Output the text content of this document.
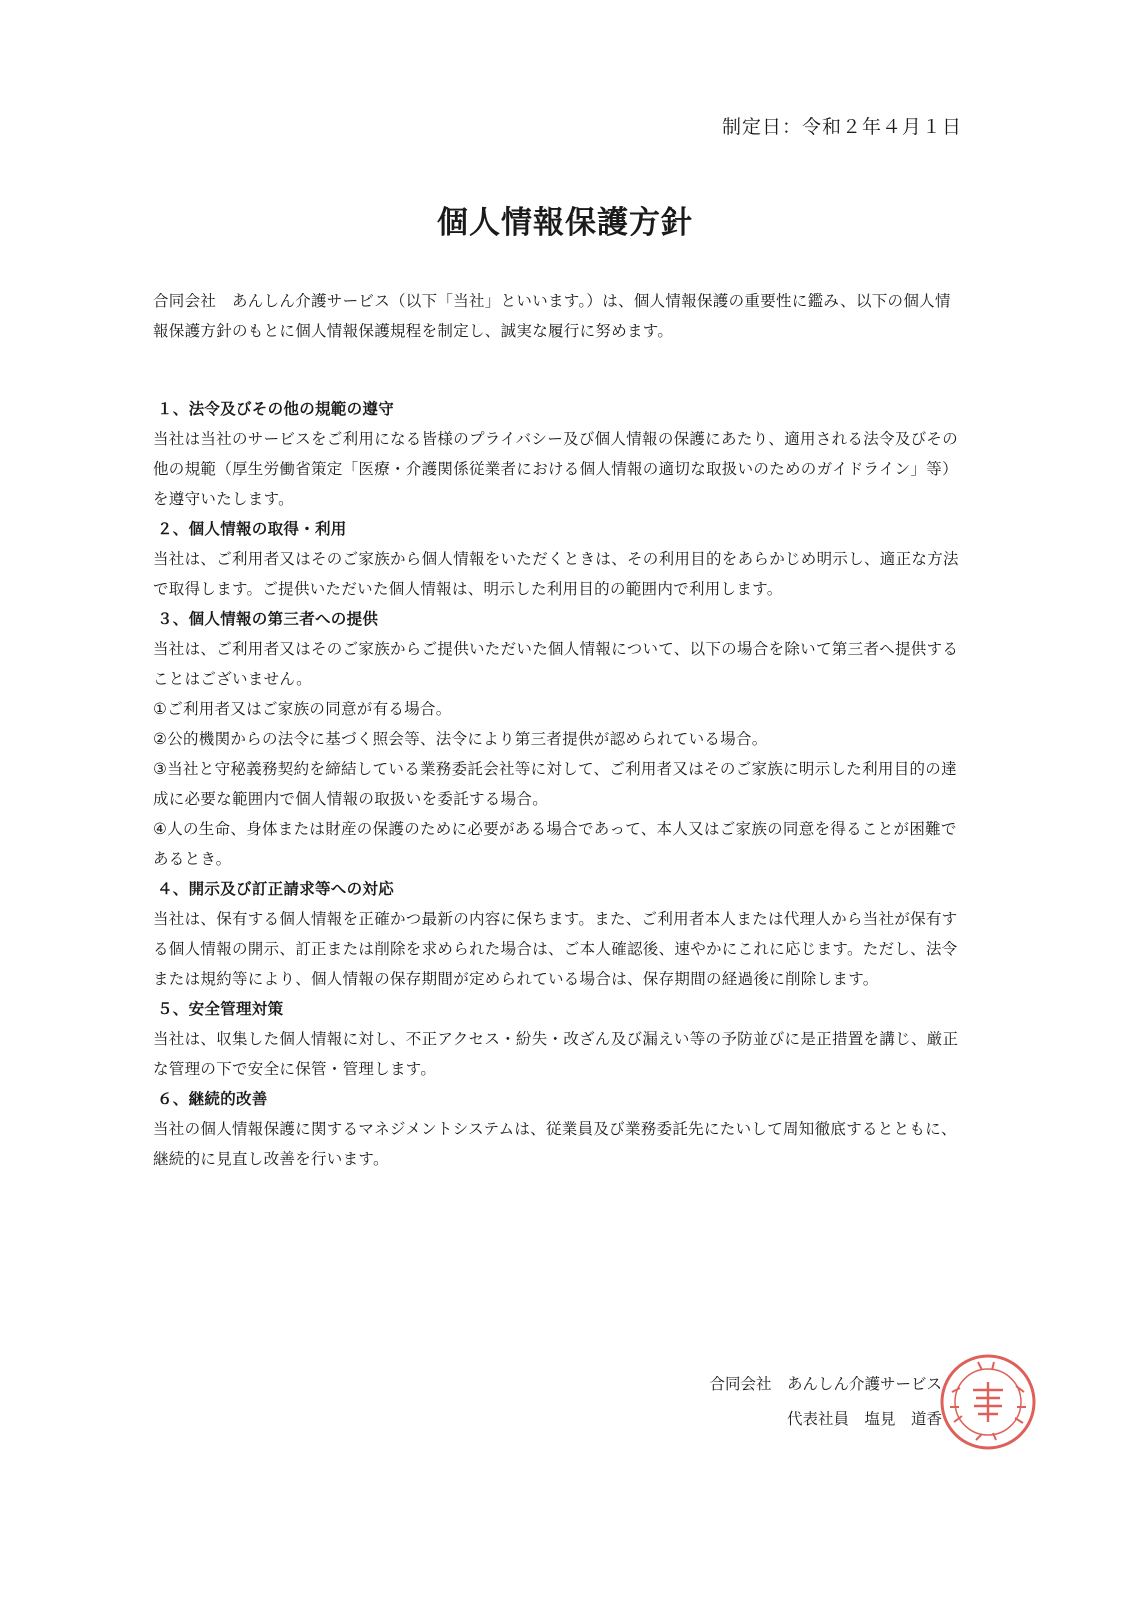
制定日：令和２年４月１日
個人情報保護方針

合同会社　あんしん介護サービス（以下「当社」といいます。）は、個人情報保護の重要性に鑑み、以下の個人情報保護方針のもとに個人情報保護規程を制定し、誠実な履行に努めます。

１、法令及びその他の規範の遵守

当社は当社のサービスをご利用になる皆様のプライバシー及び個人情報の保護にあたり、適用される法令及びその他の規範（厚生労働省策定「医療・介護関係従業者における個人情報の適切な取扱いのためのガイドライン」等）を遵守いたします。

２、個人情報の取得・利用

当社は、ご利用者又はそのご家族から個人情報をいただくときは、その利用目的をあらかじめ明示し、適正な方法で取得します。ご提供いただいた個人情報は、明示した利用目的の範囲内で利用します。

３、個人情報の第三者への提供

当社は、ご利用者又はそのご家族からご提供いただいた個人情報について、以下の場合を除いて第三者へ提供することはございません。

①ご利用者又はご家族の同意が有る場合。

②公的機関からの法令に基づく照会等、法令により第三者提供が認められている場合。

③当社と守秘義務契約を締結している業務委託会社等に対して、ご利用者又はそのご家族に明示した利用目的の達成に必要な範囲内で個人情報の取扱いを委託する場合。

④人の生命、身体または財産の保護のために必要がある場合であって、本人又はご家族の同意を得ることが困難であるとき。

４、開示及び訂正請求等への対応

当社は、保有する個人情報を正確かつ最新の内容に保ちます。また、ご利用者本人または代理人から当社が保有する個人情報の開示、訂正または削除を求められた場合は、ご本人確認後、速やかにこれに応じます。ただし、法令または規約等により、個人情報の保存期間が定められている場合は、保存期間の経過後に削除します。

５、安全管理対策

当社は、収集した個人情報に対し、不正アクセス・紛失・改ざん及び漏えい等の予防並びに是正措置を講じ、厳正な管理の下で安全に保管・管理します。

６、継続的改善

当社の個人情報保護に関するマネジメントシステムは、従業員及び業務委託先にたいして周知徹底するとともに、継続的に見直し改善を行います。

合同会社　あんしん介護サービス
代表社員　塩見　道香
